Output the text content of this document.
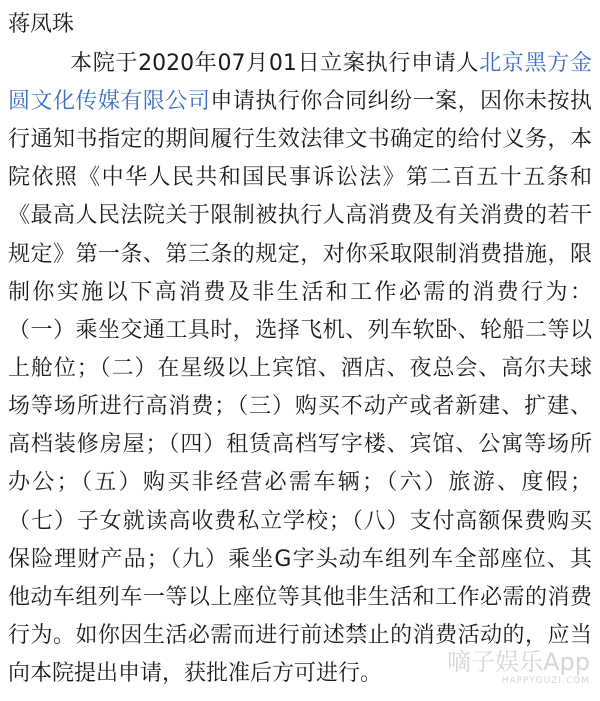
蒋凤珠
本院于2020年07月01日立案执行申请人北京黑方金
圆文化传媒有限公司申请执行你合同纠纷一案，因你未按执
行通知书指定的期间履行生效法律文书确定的给付义务，本
院依照《中华人民共和国民事诉讼法》第二百五十五条和
《最高人民法院关于限制被执行人高消费及有关消费的若干
规定》第一条、第三条的规定，对你采取限制消费措施，限
制你实施以下高消费及非生活和工作必需的消费行为：
（一）乘坐交通工具时，选择飞机、列车软卧、轮船二等以
上舱位；（二）在星级以上宾馆、酒店、夜总会、高尔夫球
场等场所进行高消费；（三）购买不动产或者新建、扩建、
高档装修房屋；（四）租赁高档写字楼、宾馆、公寓等场所
办公；（五）购买非经营必需车辆；（六）旅游、度假；
（七）子女就读高收费私立学校；（八）支付高额保费购买
保险理财产品；（九）乘坐G字头动车组列车全部座位、其
他动车组列车一等以上座位等其他非生活和工作必需的消费
行为。如你因生活必需而进行前述禁止的消费活动的，应当
向本院提出申请，获批准后方可进行。	嘀子娱乐App
HAPPYGUZI.COM
